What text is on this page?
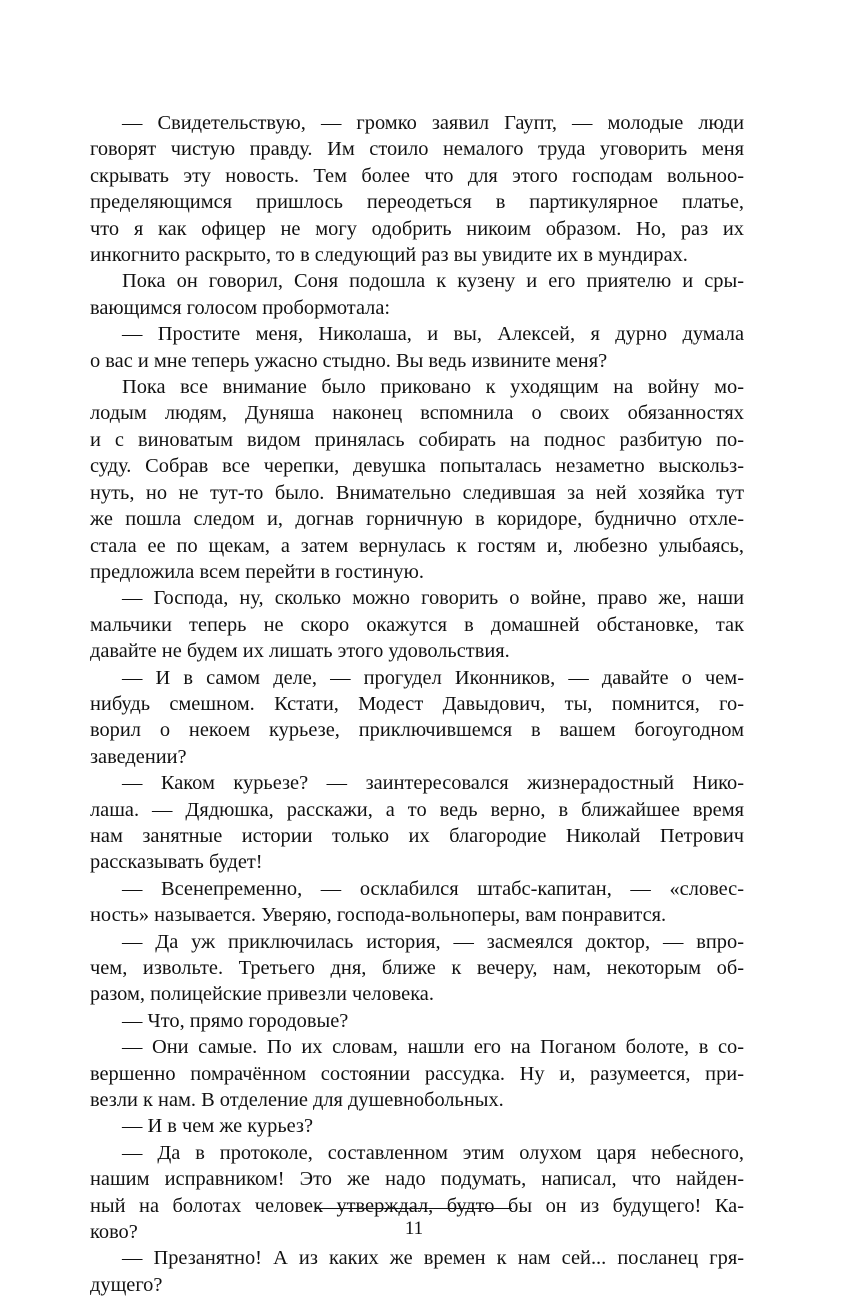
— Свидетельствую, — громко заявил Гаупт, — молодые люди
говорят чистую правду. Им стоило немалого труда уговорить меня
скрывать эту новость. Тем более что для этого господам вольноо-
пределяющимся пришлось переодеться в партикулярное платье,
что я как офицер не могу одобрить никоим образом. Но, раз их
инкогнито раскрыто, то в следующий раз вы увидите их в мундирах.
Пока он говорил, Соня подошла к кузену и его приятелю и сры-
вающимся голосом пробормотала:
— Простите меня, Николаша, и вы, Алексей, я дурно думала
о вас и мне теперь ужасно стыдно. Вы ведь извините меня?
Пока все внимание было приковано к уходящим на войну мо-
лодым людям, Дуняша наконец вспомнила о своих обязанностях
и с виноватым видом принялась собирать на поднос разбитую по-
суду. Собрав все черепки, девушка попыталась незаметно выскольз-
нуть, но не тут-то было. Внимательно следившая за ней хозяйка тут
же пошла следом и, догнав горничную в коридоре, буднично отхле-
стала ее по щекам, а затем вернулась к гостям и, любезно улыбаясь,
предложила всем перейти в гостиную.
— Господа, ну, сколько можно говорить о войне, право же, наши
мальчики теперь не скоро окажутся в домашней обстановке, так
давайте не будем их лишать этого удовольствия.
— И в самом деле, — прогудел Иконников, — давайте о чем-
нибудь смешном. Кстати, Модест Давыдович, ты, помнится, го-
ворил о некоем курьезе, приключившемся в вашем богоугодном
заведении?
— Каком курьезе? — заинтересовался жизнерадостный Нико-
лаша. — Дядюшка, расскажи, а то ведь верно, в ближайшее время
нам занятные истории только их благородие Николай Петрович
рассказывать будет!
— Всенепременно, — осклабился штабс-капитан, — «словес-
ность» называется. Уверяю, господа-вольноперы, вам понравится.
— Да уж приключилась история, — засмеялся доктор, — впро-
чем, извольте. Третьего дня, ближе к вечеру, нам, некоторым об-
разом, полицейские привезли человека.
— Что, прямо городовые?
— Они самые. По их словам, нашли его на Поганом болоте, в со-
вершенно помрачённом состоянии рассудка. Ну и, разумеется, при-
везли к нам. В отделение для душевнобольных.
— И в чем же курьез?
— Да в протоколе, составленном этим олухом царя небесного,
нашим исправником! Это же надо подумать, написал, что найден-
ный на болотах человек утверждал, будто бы он из будущего! Ка-
ково?
— Презанятно! А из каких же времен к нам сей... посланец гря-
дущего?
11
